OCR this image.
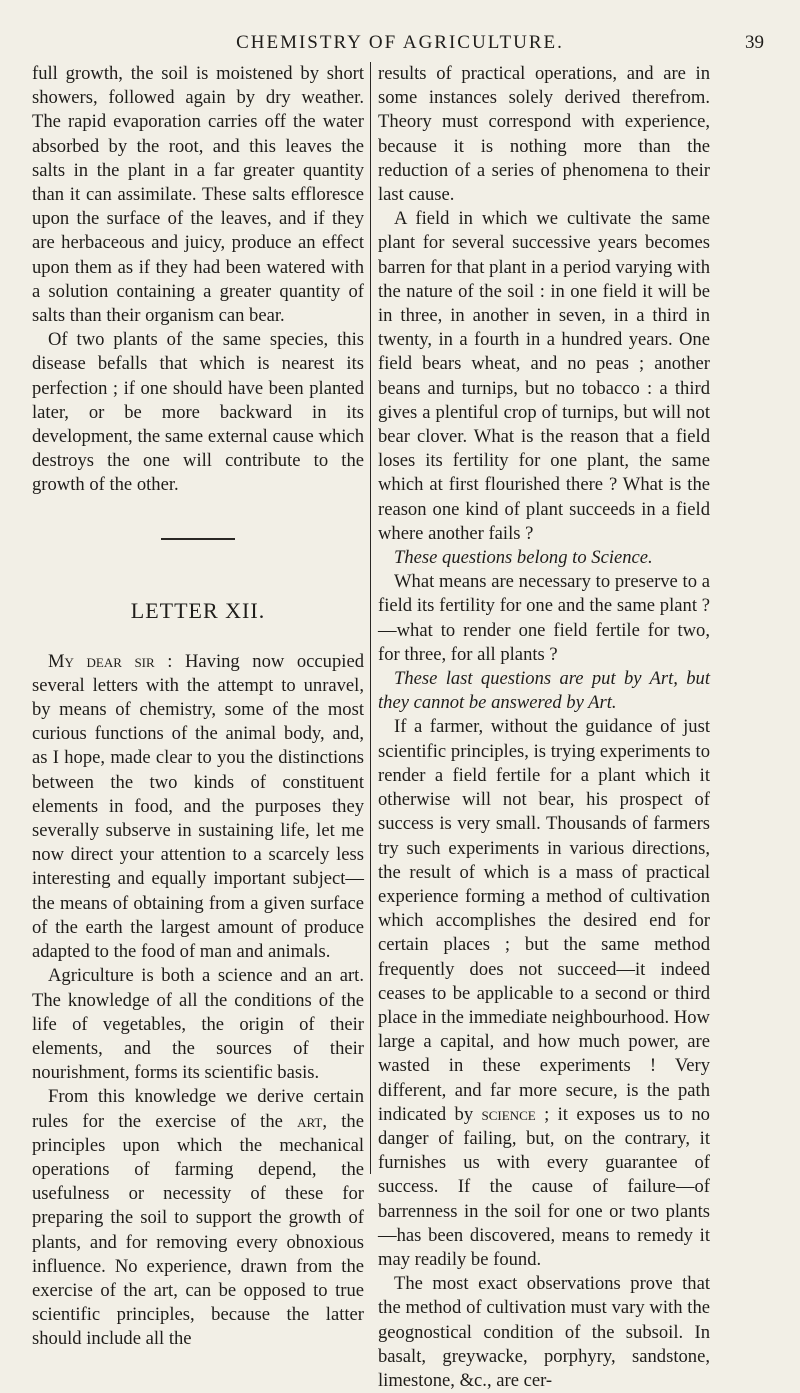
CHEMISTRY OF AGRICULTURE.	39

full growth, the soil is moistened by short showers, followed again by dry weather. The rapid evaporation carries off the water absorbed by the root, and this leaves the salts in the plant in a far greater quantity than it can assimilate. These salts effloresce upon the surface of the leaves, and if they are herbaceous and juicy, produce an effect upon them as if they had been watered with a solution containing a greater quantity of salts than their organism can bear.

Of two plants of the same species, this disease befalls that which is nearest its perfection ; if one should have been planted later, or be more backward in its development, the same external cause which destroys the one will contribute to the growth of the other.

LETTER XII.

My dear sir : Having now occupied several letters with the attempt to unravel, by means of chemistry, some of the most curious functions of the animal body, and, as I hope, made clear to you the distinctions between the two kinds of constituent elements in food, and the purposes they severally subserve in sustaining life, let me now direct your attention to a scarcely less interesting and equally important subject—the means of obtaining from a given surface of the earth the largest amount of produce adapted to the food of man and animals.

Agriculture is both a science and an art. The knowledge of all the conditions of the life of vegetables, the origin of their elements, and the sources of their nourishment, forms its scientific basis.

From this knowledge we derive certain rules for the exercise of the art, the principles upon which the mechanical operations of farming depend, the usefulness or necessity of these for preparing the soil to support the growth of plants, and for removing every obnoxious influence. No experience, drawn from the exercise of the art, can be opposed to true scientific principles, because the latter should include all the

results of practical operations, and are in some instances solely derived therefrom. Theory must correspond with experience, because it is nothing more than the reduction of a series of phenomena to their last cause.

A field in which we cultivate the same plant for several successive years becomes barren for that plant in a period varying with the nature of the soil : in one field it will be in three, in another in seven, in a third in twenty, in a fourth in a hundred years. One field bears wheat, and no peas ; another beans and turnips, but no tobacco : a third gives a plentiful crop of turnips, but will not bear clover. What is the reason that a field loses its fertility for one plant, the same which at first flourished there ? What is the reason one kind of plant succeeds in a field where another fails ?

These questions belong to Science.

What means are necessary to preserve to a field its fertility for one and the same plant ?—what to render one field fertile for two, for three, for all plants ?

These last questions are put by Art, but they cannot be answered by Art.

If a farmer, without the guidance of just scientific principles, is trying experiments to render a field fertile for a plant which it otherwise will not bear, his prospect of success is very small. Thousands of farmers try such experiments in various directions, the result of which is a mass of practical experience forming a method of cultivation which accomplishes the desired end for certain places ; but the same method frequently does not succeed—it indeed ceases to be applicable to a second or third place in the immediate neighbourhood. How large a capital, and how much power, are wasted in these experiments ! Very different, and far more secure, is the path indicated by science ; it exposes us to no danger of failing, but, on the contrary, it furnishes us with every guarantee of success. If the cause of failure—of barrenness in the soil for one or two plants—has been discovered, means to remedy it may readily be found.

The most exact observations prove that the method of cultivation must vary with the geognostical condition of the subsoil. In basalt, greywacke, porphyry, sandstone, limestone, &c., are cer-
